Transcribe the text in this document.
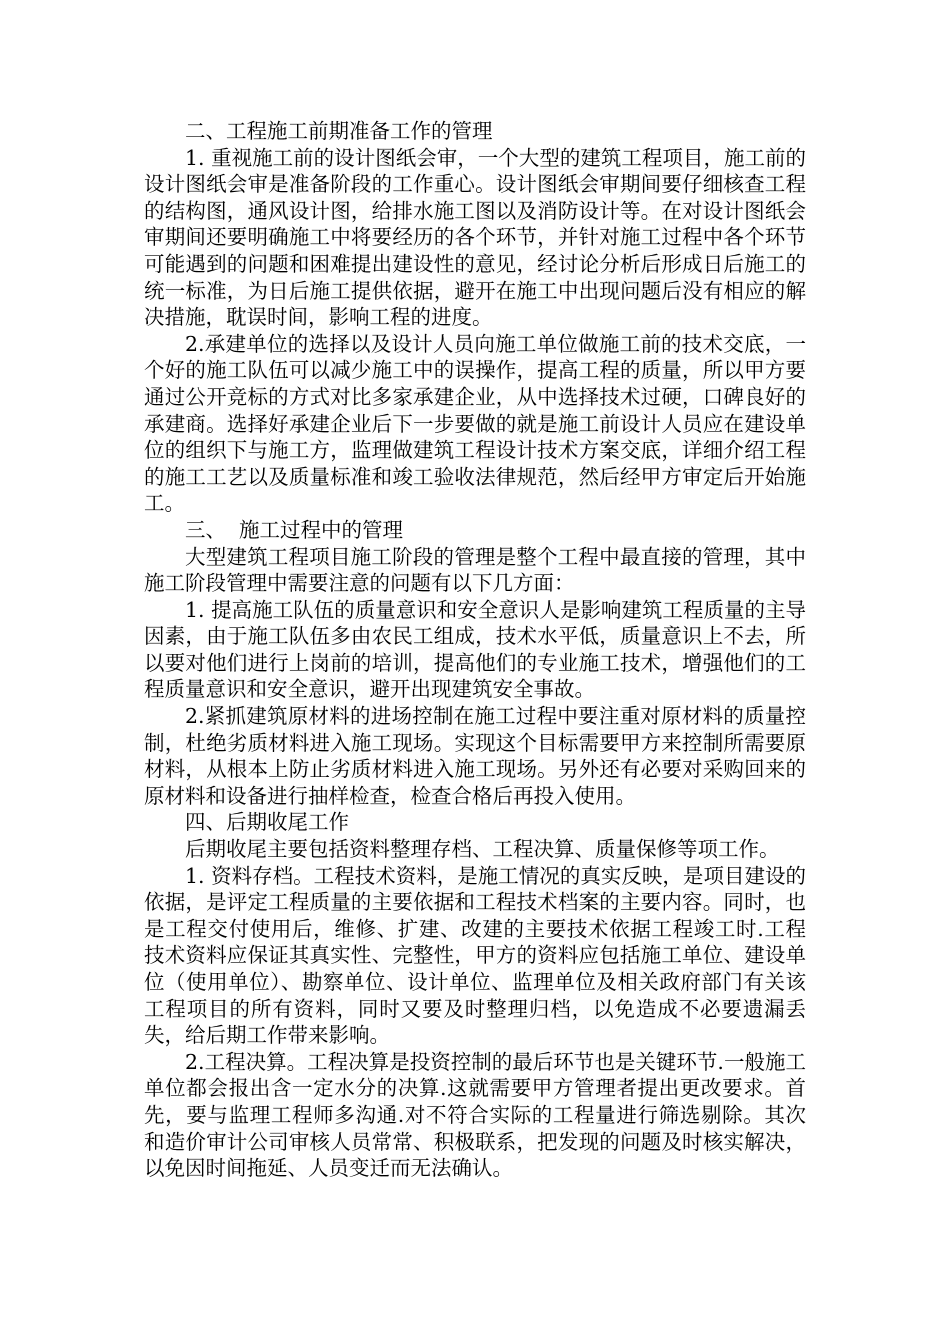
二、工程施工前期准备工作的管理

1. 重视施工前的设计图纸会审，一个大型的建筑工程项目，施工前的设计图纸会审是准备阶段的工作重心。设计图纸会审期间要仔细核查工程的结构图，通风设计图，给排水施工图以及消防设计等。在对设计图纸会审期间还要明确施工中将要经历的各个环节，并针对施工过程中各个环节可能遇到的问题和困难提出建设性的意见，经讨论分析后形成日后施工的统一标准，为日后施工提供依据，避开在施工中出现问题后没有相应的解决措施，耽误时间，影响工程的进度。

2.承建单位的选择以及设计人员向施工单位做施工前的技术交底，一个好的施工队伍可以减少施工中的误操作，提高工程的质量，所以甲方要通过公开竞标的方式对比多家承建企业，从中选择技术过硬，口碑良好的承建商。选择好承建企业后下一步要做的就是施工前设计人员应在建设单位的组织下与施工方，监理做建筑工程设计技术方案交底，详细介绍工程的施工工艺以及质量标准和竣工验收法律规范，然后经甲方审定后开始施工。

三、  施工过程中的管理

大型建筑工程项目施工阶段的管理是整个工程中最直接的管理，其中施工阶段管理中需要注意的问题有以下几方面：

1. 提高施工队伍的质量意识和安全意识人是影响建筑工程质量的主导因素，由于施工队伍多由农民工组成，技术水平低，质量意识上不去，所以要对他们进行上岗前的培训，提高他们的专业施工技术，增强他们的工程质量意识和安全意识，避开出现建筑安全事故。

2.紧抓建筑原材料的进场控制在施工过程中要注重对原材料的质量控制，杜绝劣质材料进入施工现场。实现这个目标需要甲方来控制所需要原材料，从根本上防止劣质材料进入施工现场。另外还有必要对采购回来的原材料和设备进行抽样检查，检查合格后再投入使用。

四、后期收尾工作

后期收尾主要包括资料整理存档、工程决算、质量保修等项工作。

1. 资料存档。工程技术资料，是施工情况的真实反映，是项目建设的依据，是评定工程质量的主要依据和工程技术档案的主要内容。同时，也是工程交付使用后，维修、扩建、改建的主要技术依据工程竣工时.工程技术资料应保证其真实性、完整性，甲方的资料应包括施工单位、建设单位（使用单位）、勘察单位、设计单位、监理单位及相关政府部门有关该工程项目的所有资料，同时又要及时整理归档，以免造成不必要遗漏丢失，给后期工作带来影响。

2.工程决算。工程决算是投资控制的最后环节也是关键环节.一般施工单位都会报出含一定水分的决算.这就需要甲方管理者提出更改要求。首先，要与监理工程师多沟通.对不符合实际的工程量进行筛选剔除。其次和造价审计公司审核人员常常、积极联系，把发现的问题及时核实解决，以免因时间拖延、人员变迁而无法确认。
